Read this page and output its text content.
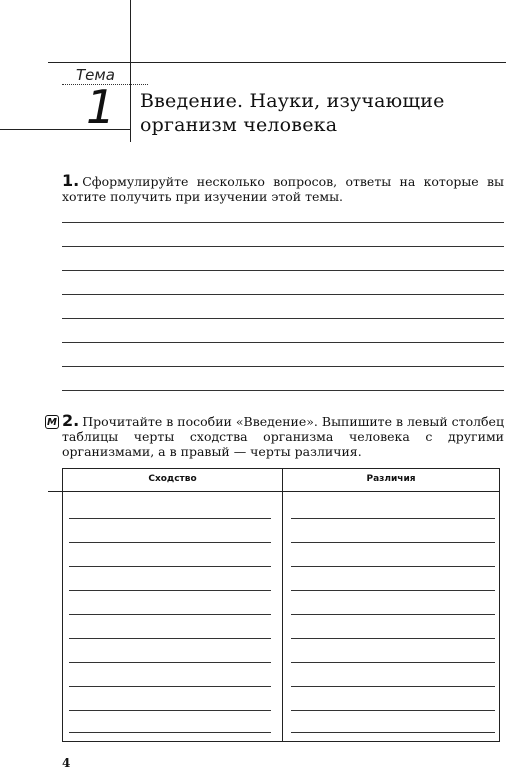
Тема
1 Введение. Науки, изучающие организм человека
1. Сформулируйте несколько вопросов, ответы на которые вы хотите получить при изучении этой темы.
М 2. Прочитайте в пособии «Введение». Выпишите в левый столбец таблицы черты сходства организма человека с другими организмами, а в правый — черты различия.
Сходство	Различия
4
